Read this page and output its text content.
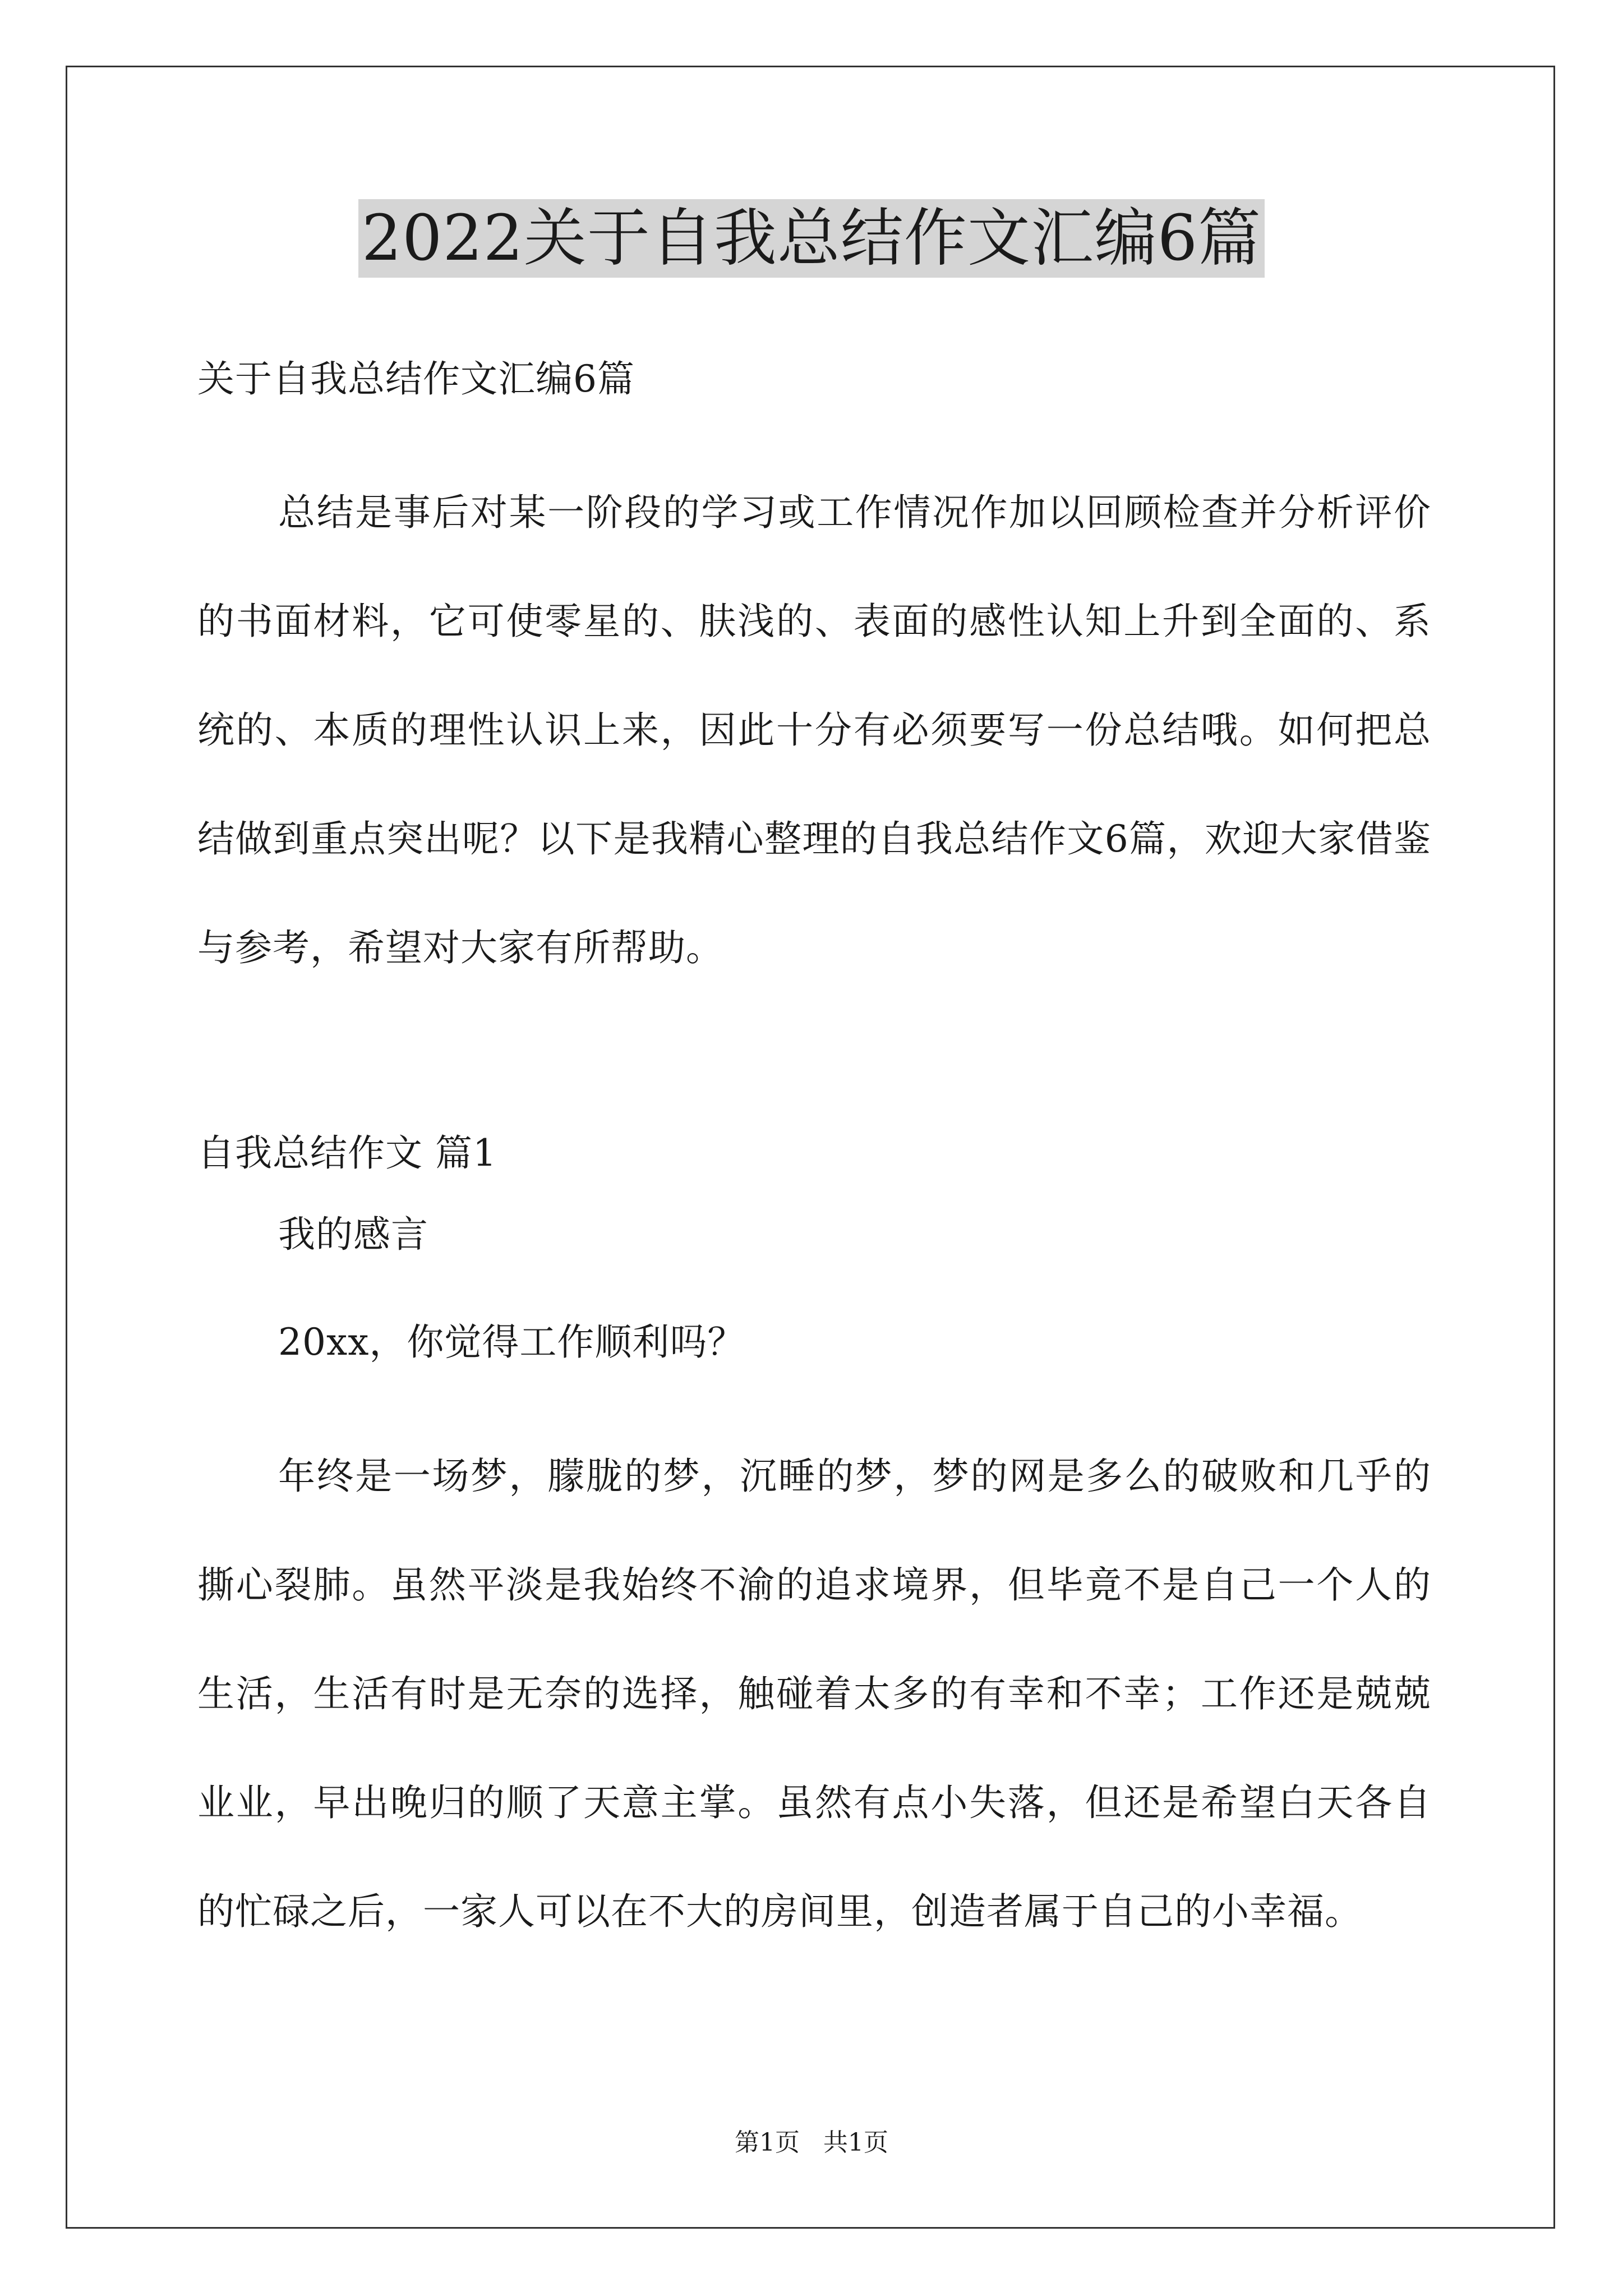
2022关于自我总结作文汇编6篇
关于自我总结作文汇编6篇
总结是事后对某一阶段的学习或工作情况作加以回顾检查并分析评价的书面材料，它可使零星的、肤浅的、表面的感性认知上升到全面的、系统的、本质的理性认识上来，因此十分有必须要写一份总结哦。如何把总结做到重点突出呢？以下是我精心整理的自我总结作文6篇，欢迎大家借鉴与参考，希望对大家有所帮助。
自我总结作文 篇1
我的感言
20xx，你觉得工作顺利吗？
年终是一场梦，朦胧的梦，沉睡的梦，梦的网是多么的破败和几乎的撕心裂肺。虽然平淡是我始终不渝的追求境界，但毕竟不是自己一个人的生活，生活有时是无奈的选择，触碰着太多的有幸和不幸；工作还是兢兢业业，早出晚归的顺了天意主掌。虽然有点小失落，但还是希望白天各自的忙碌之后，一家人可以在不大的房间里，创造者属于自己的小幸福。
第1页   共1页
